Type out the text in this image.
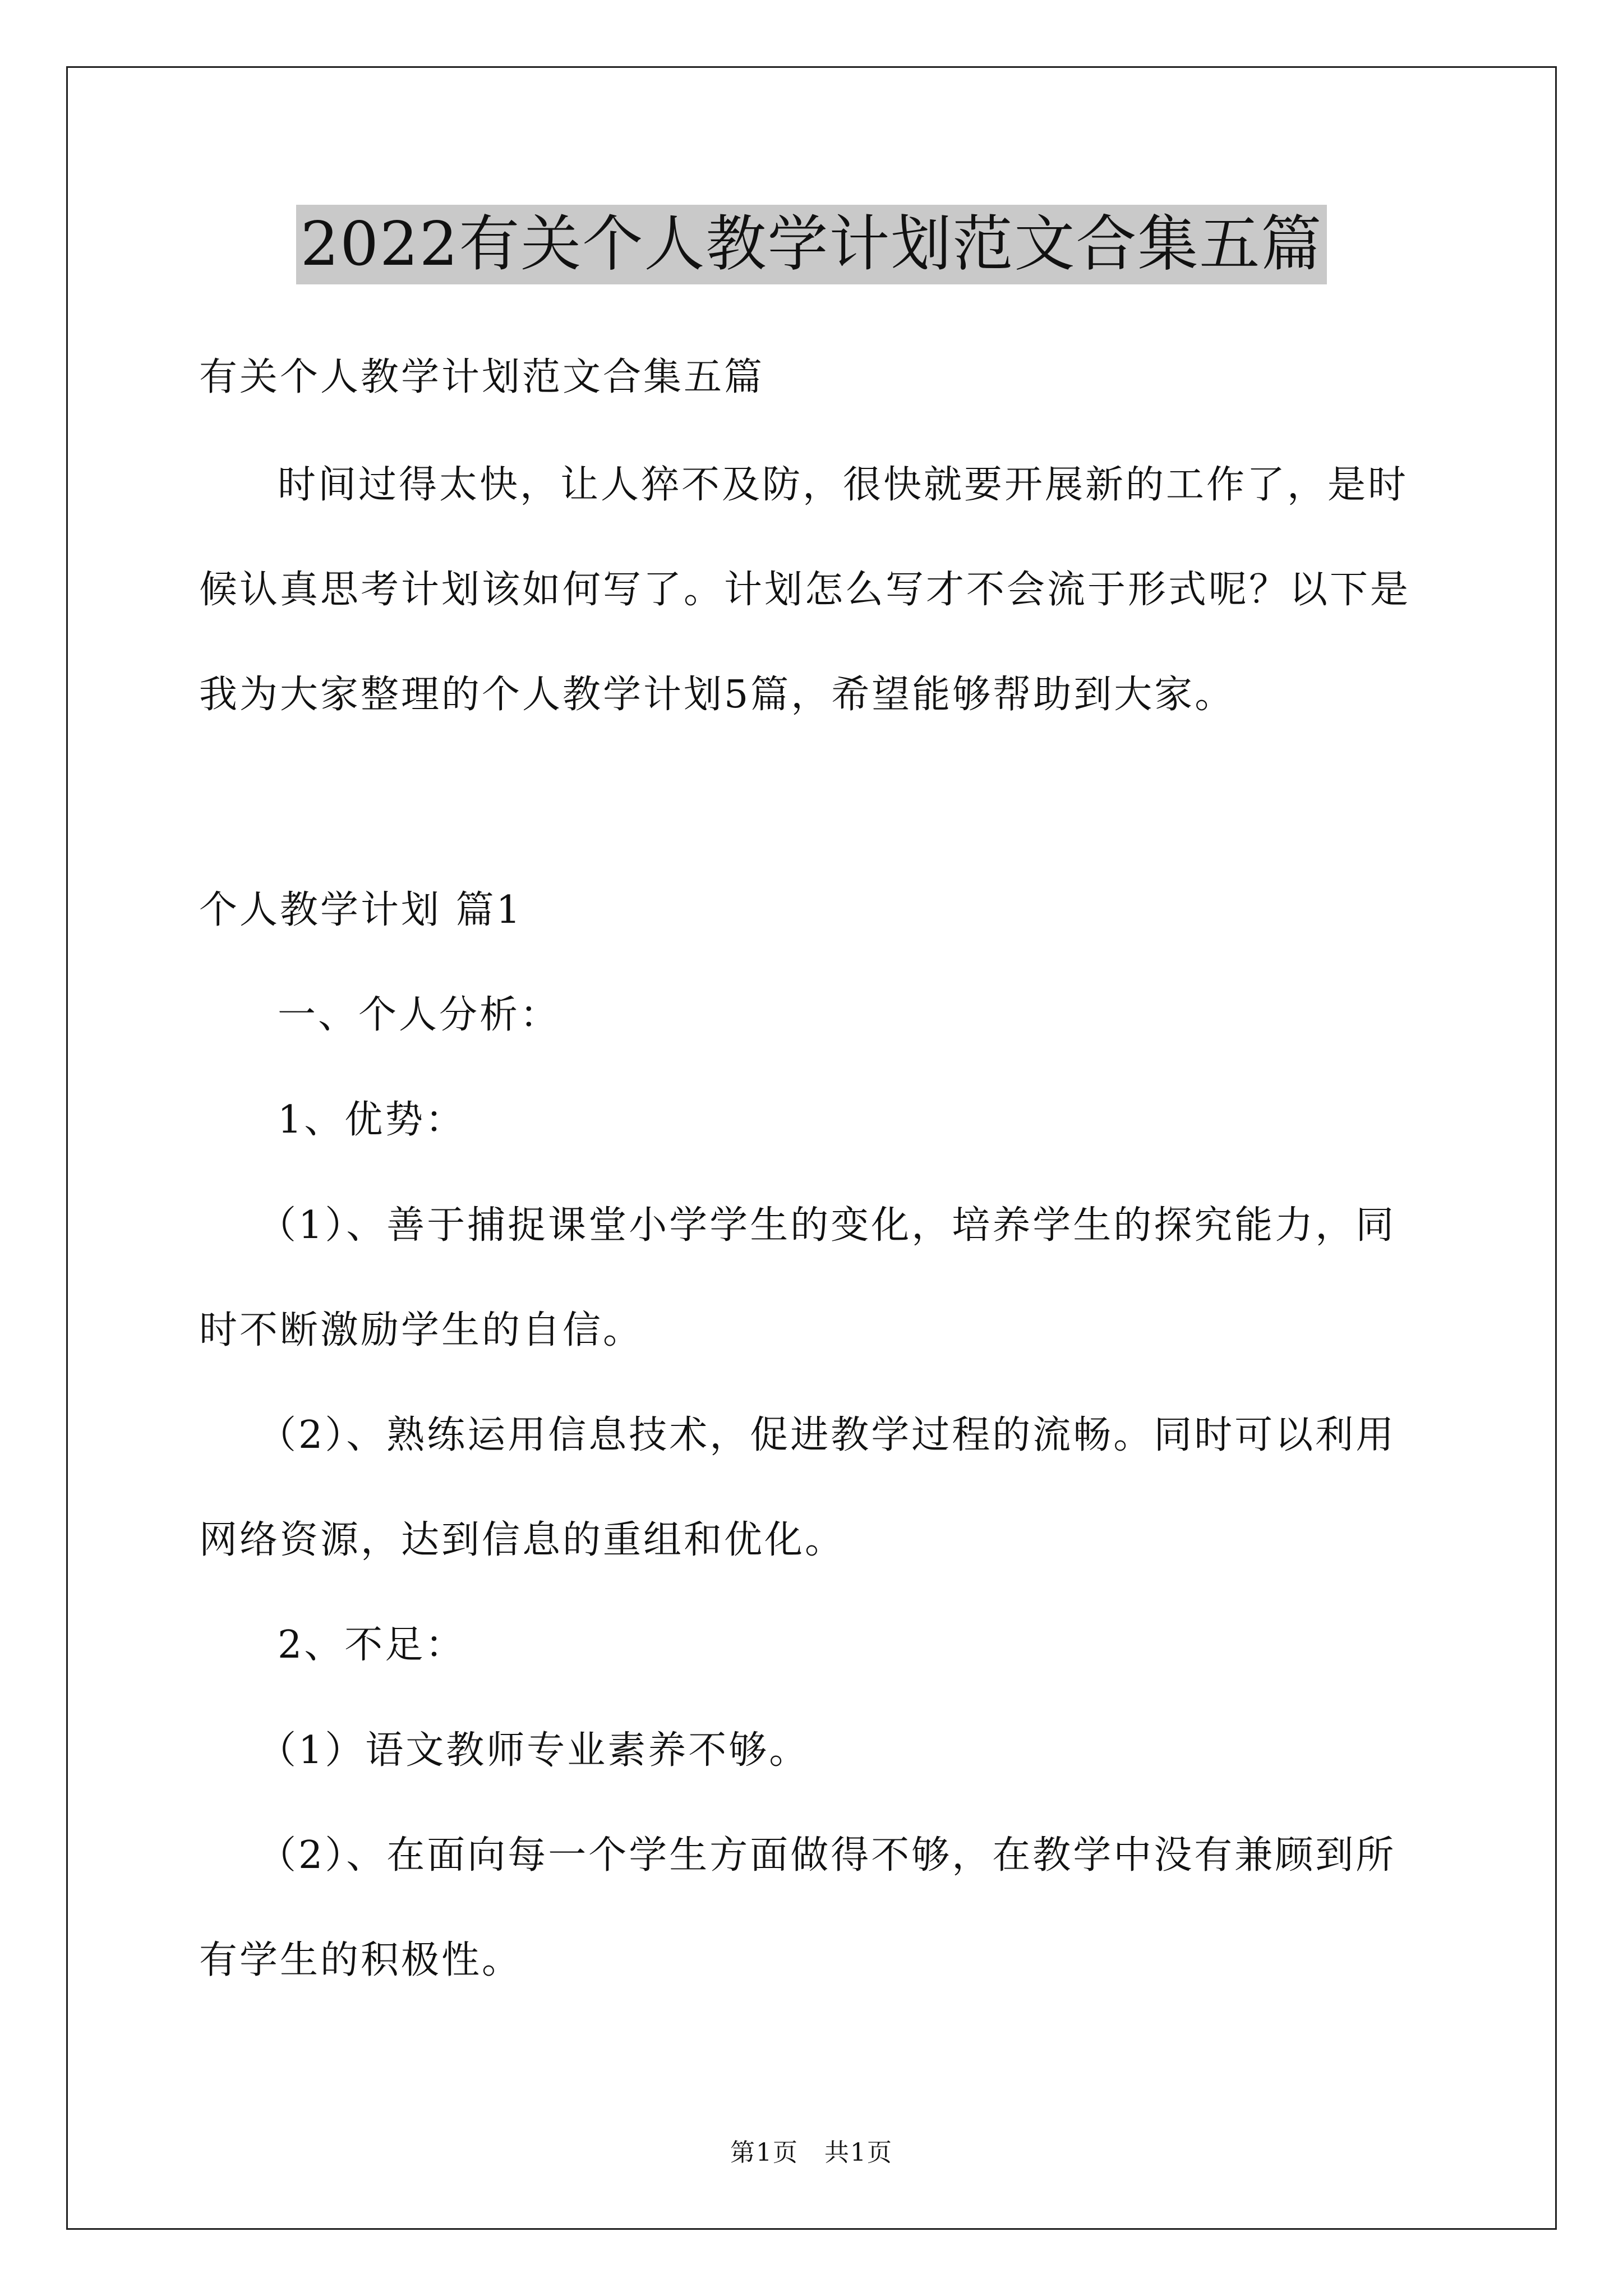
2022有关个人教学计划范文合集五篇
有关个人教学计划范文合集五篇
时间过得太快，让人猝不及防，很快就要开展新的工作了，是时
候认真思考计划该如何写了。计划怎么写才不会流于形式呢？以下是
我为大家整理的个人教学计划5篇，希望能够帮助到大家。
个人教学计划 篇1
一、个人分析：
1、优势：
（1）、善于捕捉课堂小学学生的变化，培养学生的探究能力，同
时不断激励学生的自信。
（2）、熟练运用信息技术，促进教学过程的流畅。同时可以利用
网络资源，达到信息的重组和优化。
2、不足：
（1）语文教师专业素养不够。
（2）、在面向每一个学生方面做得不够，在教学中没有兼顾到所
有学生的积极性。
第1页　共1页
